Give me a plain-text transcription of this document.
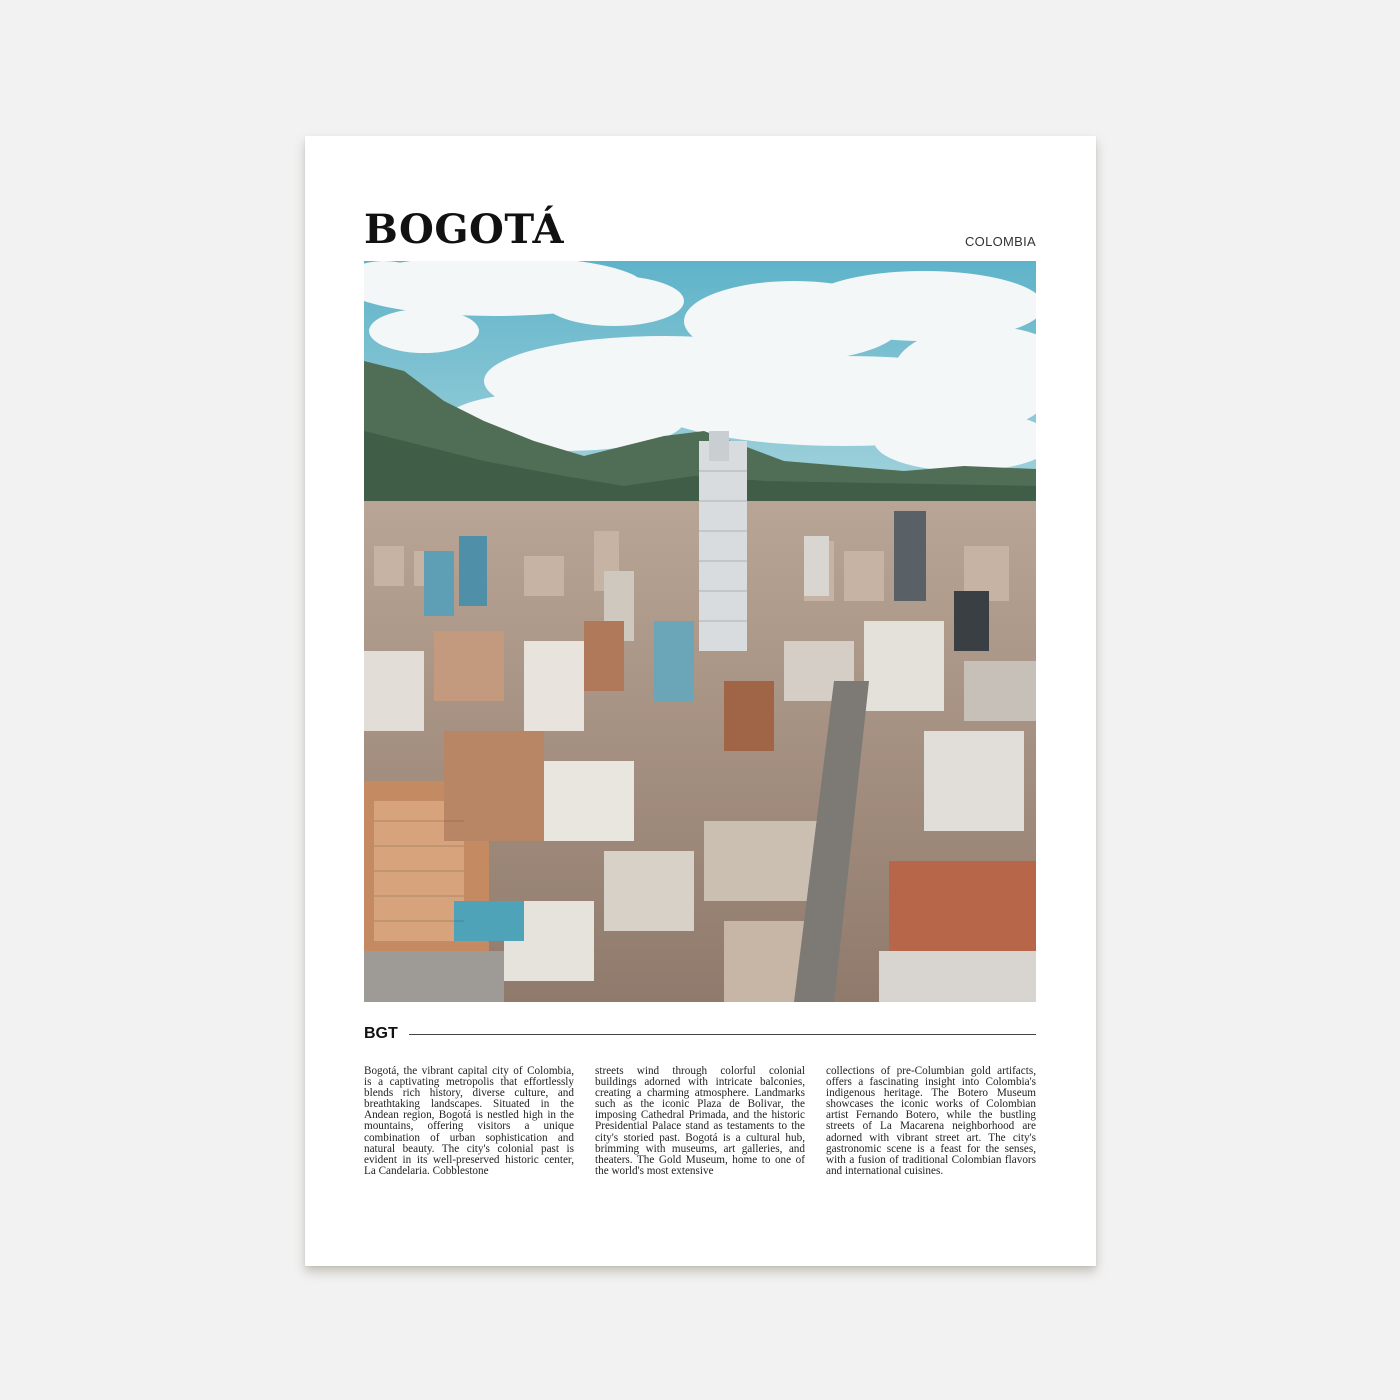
BOGOTÁ	COLOMBIA
BGT

Bogotá, the vibrant capital city of Colombia, is a captivating metropolis that effortlessly blends rich history, diverse culture, and breathtaking landscapes. Situated in the Andean region, Bogotá is nestled high in the mountains, offering visitors a unique combination of urban sophistication and natural beauty. The city's colonial past is evident in its well-preserved historic center, La Candelaria. Cobblestone

streets wind through colorful colonial buildings adorned with intricate balconies, creating a charming atmosphere. Landmarks such as the iconic Plaza de Bolivar, the imposing Cathedral Primada, and the historic Presidential Palace stand as testaments to the city's storied past. Bogotá is a cultural hub, brimming with museums, art galleries, and theaters. The Gold Museum, home to one of the world's most extensive

collections of pre-Columbian gold artifacts, offers a fascinating insight into Colombia's indigenous heritage. The Botero Museum showcases the iconic works of Colombian artist Fernando Botero, while the bustling streets of La Macarena neighborhood are adorned with vibrant street art. The city's gastronomic scene is a feast for the senses, with a fusion of traditional Colombian flavors and international cuisines.
